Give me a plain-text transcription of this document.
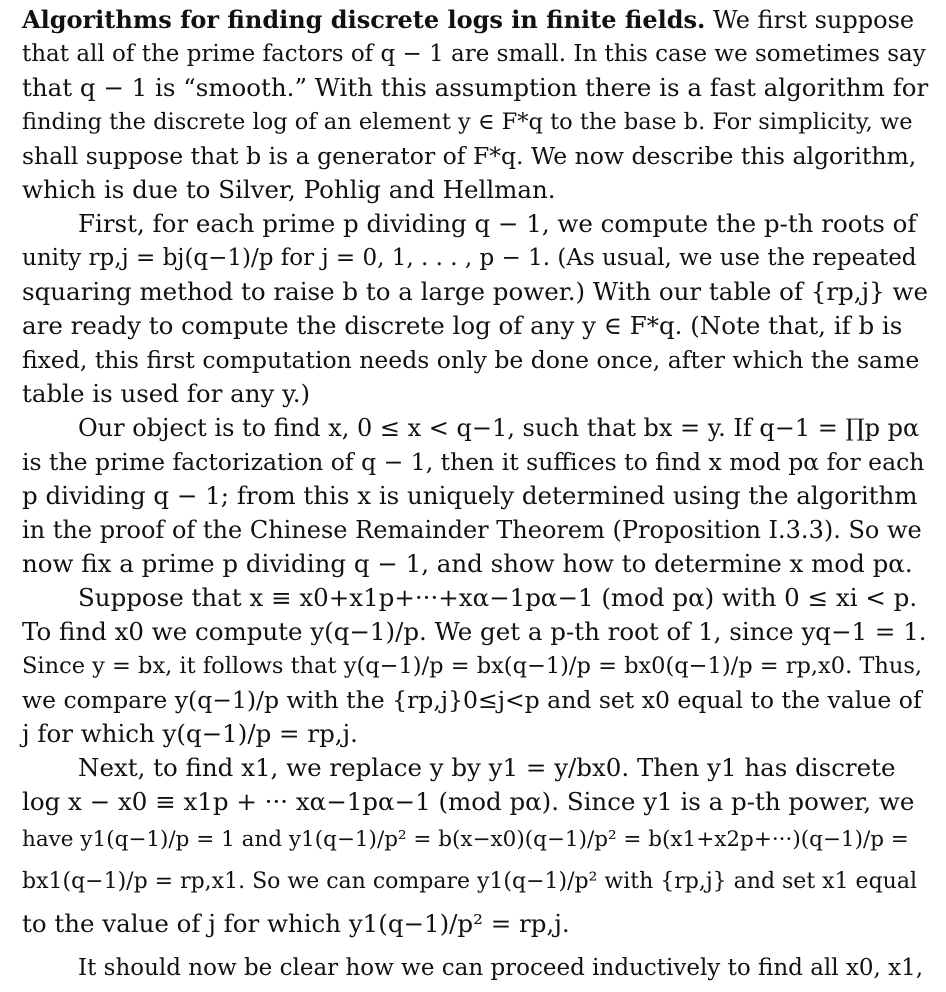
Algorithms for finding discrete logs in finite fields. We first suppose
that all of the prime factors of q − 1 are small. In this case we sometimes say
that q − 1 is “smooth.” With this assumption there is a fast algorithm for
finding the discrete log of an element y ∈ F*q to the base b. For simplicity, we
shall suppose that b is a generator of F*q. We now describe this algorithm,
which is due to Silver, Pohlig and Hellman.
First, for each prime p dividing q − 1, we compute the p-th roots of
unity rp,j = bj(q−1)/p for j = 0, 1, . . . , p − 1. (As usual, we use the repeated
squaring method to raise b to a large power.) With our table of {rp,j} we
are ready to compute the discrete log of any y ∈ F*q. (Note that, if b is
fixed, this first computation needs only be done once, after which the same
table is used for any y.)
Our object is to find x, 0 ≤ x < q−1, such that bx = y. If q−1 = ∏p pα
is the prime factorization of q − 1, then it suffices to find x mod pα for each
p dividing q − 1; from this x is uniquely determined using the algorithm
in the proof of the Chinese Remainder Theorem (Proposition I.3.3). So we
now fix a prime p dividing q − 1, and show how to determine x mod pα.
Suppose that x ≡ x0+x1p+···+xα−1pα−1 (mod pα) with 0 ≤ xi < p.
To find x0 we compute y(q−1)/p. We get a p-th root of 1, since yq−1 = 1.
Since y = bx, it follows that y(q−1)/p = bx(q−1)/p = bx0(q−1)/p = rp,x0. Thus,
we compare y(q−1)/p with the {rp,j}0≤j<p and set x0 equal to the value of
j for which y(q−1)/p = rp,j.
Next, to find x1, we replace y by y1 = y/bx0. Then y1 has discrete
log x − x0 ≡ x1p + ··· xα−1pα−1 (mod pα). Since y1 is a p-th power, we
have y1(q−1)/p = 1 and y1(q−1)/p² = b(x−x0)(q−1)/p² = b(x1+x2p+···)(q−1)/p =
bx1(q−1)/p = rp,x1. So we can compare y1(q−1)/p² with {rp,j} and set x1 equal
to the value of j for which y1(q−1)/p² = rp,j.
It should now be clear how we can proceed inductively to find all x0, x1,
